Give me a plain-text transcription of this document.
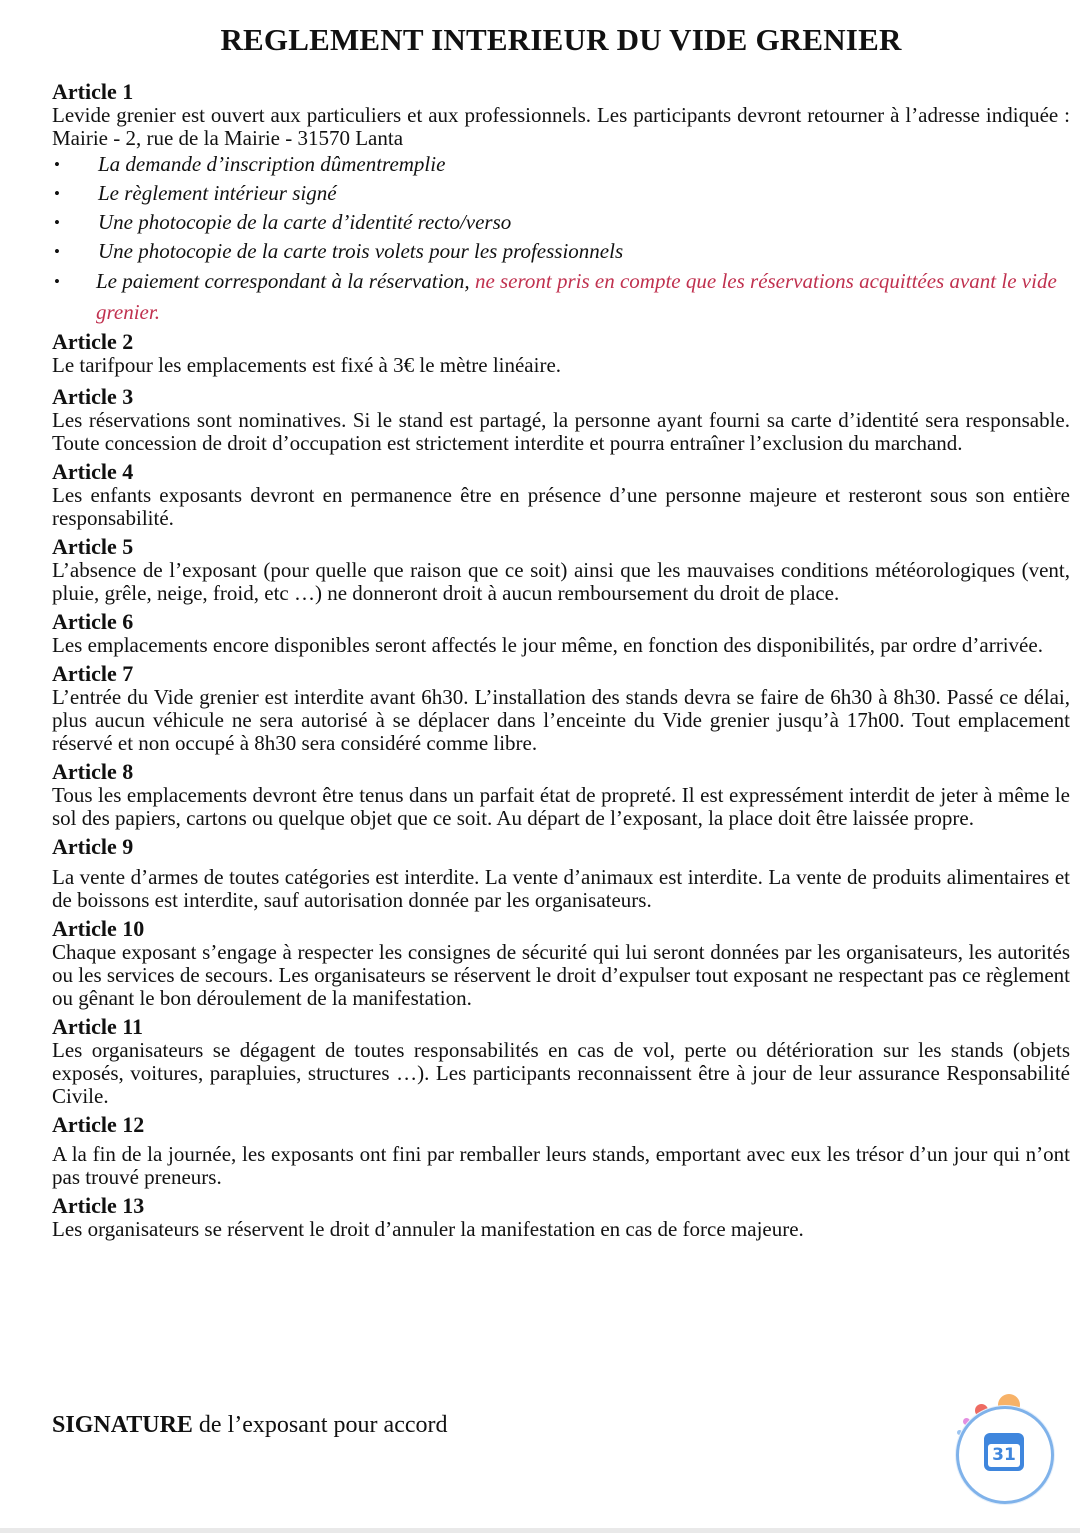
REGLEMENT INTERIEUR DU VIDE GRENIER
Article 1
Levide grenier est ouvert aux particuliers et aux professionnels. Les participants devront retourner à l’adresse indiquée : Mairie - 2, rue de la Mairie - 31570 Lanta
• La demande d’inscription dûmentremplie
• Le règlement intérieur signé
• Une photocopie de la carte d’identité recto/verso
• Une photocopie de la carte trois volets pour les professionnels
• Le paiement correspondant à la réservation, ne seront pris en compte que les réservations acquittées avant le vide grenier.
Article 2
Le tarifpour les emplacements est fixé à 3€ le mètre linéaire.
Article 3
Les réservations sont nominatives. Si le stand est partagé, la personne ayant fourni sa carte d’identité sera responsable. Toute concession de droit d’occupation est strictement interdite et pourra entraîner l’exclusion du marchand.
Article 4
Les enfants exposants devront en permanence être en présence d’une personne majeure et resteront sous son entière responsabilité.
Article 5
L’absence de l’exposant (pour quelle que raison que ce soit) ainsi que les mauvaises conditions météorologiques (vent, pluie, grêle, neige, froid, etc …) ne donneront droit à aucun remboursement du droit de place.
Article 6
Les emplacements encore disponibles seront affectés le jour même, en fonction des disponibilités, par ordre d’arrivée.
Article 7
L’entrée du Vide grenier est interdite avant 6h30. L’installation des stands devra se faire de 6h30 à 8h30. Passé ce délai, plus aucun véhicule ne sera autorisé à se déplacer dans l’enceinte du Vide grenier jusqu’à 17h00. Tout emplacement réservé et non occupé à 8h30 sera considéré comme libre.
Article 8
Tous les emplacements devront être tenus dans un parfait état de propreté. Il est expressément interdit de jeter à même le sol des papiers, cartons ou quelque objet que ce soit. Au départ de l’exposant, la place doit être laissée propre.
Article 9
La vente d’armes de toutes catégories est interdite. La vente d’animaux est interdite. La vente de produits alimentaires et de boissons est interdite, sauf autorisation donnée par les organisateurs.
Article 10
Chaque exposant s’engage à respecter les consignes de sécurité qui lui seront données par les organisateurs, les autorités ou les services de secours. Les organisateurs se réservent le droit d’expulser tout exposant ne respectant pas ce règlement ou gênant le bon déroulement de la manifestation.
Article 11
Les organisateurs se dégagent de toutes responsabilités en cas de vol, perte ou détérioration sur les stands (objets exposés, voitures, parapluies, structures …). Les participants reconnaissent être à jour de leur assurance Responsabilité Civile.
Article 12
A la fin de la journée, les exposants ont fini par remballer leurs stands, emportant avec eux les trésor d’un jour qui n’ont pas trouvé preneurs.
Article 13
Les organisateurs se réservent le droit d’annuler la manifestation en cas de force majeure.
SIGNATURE de l’exposant pour accord
31
